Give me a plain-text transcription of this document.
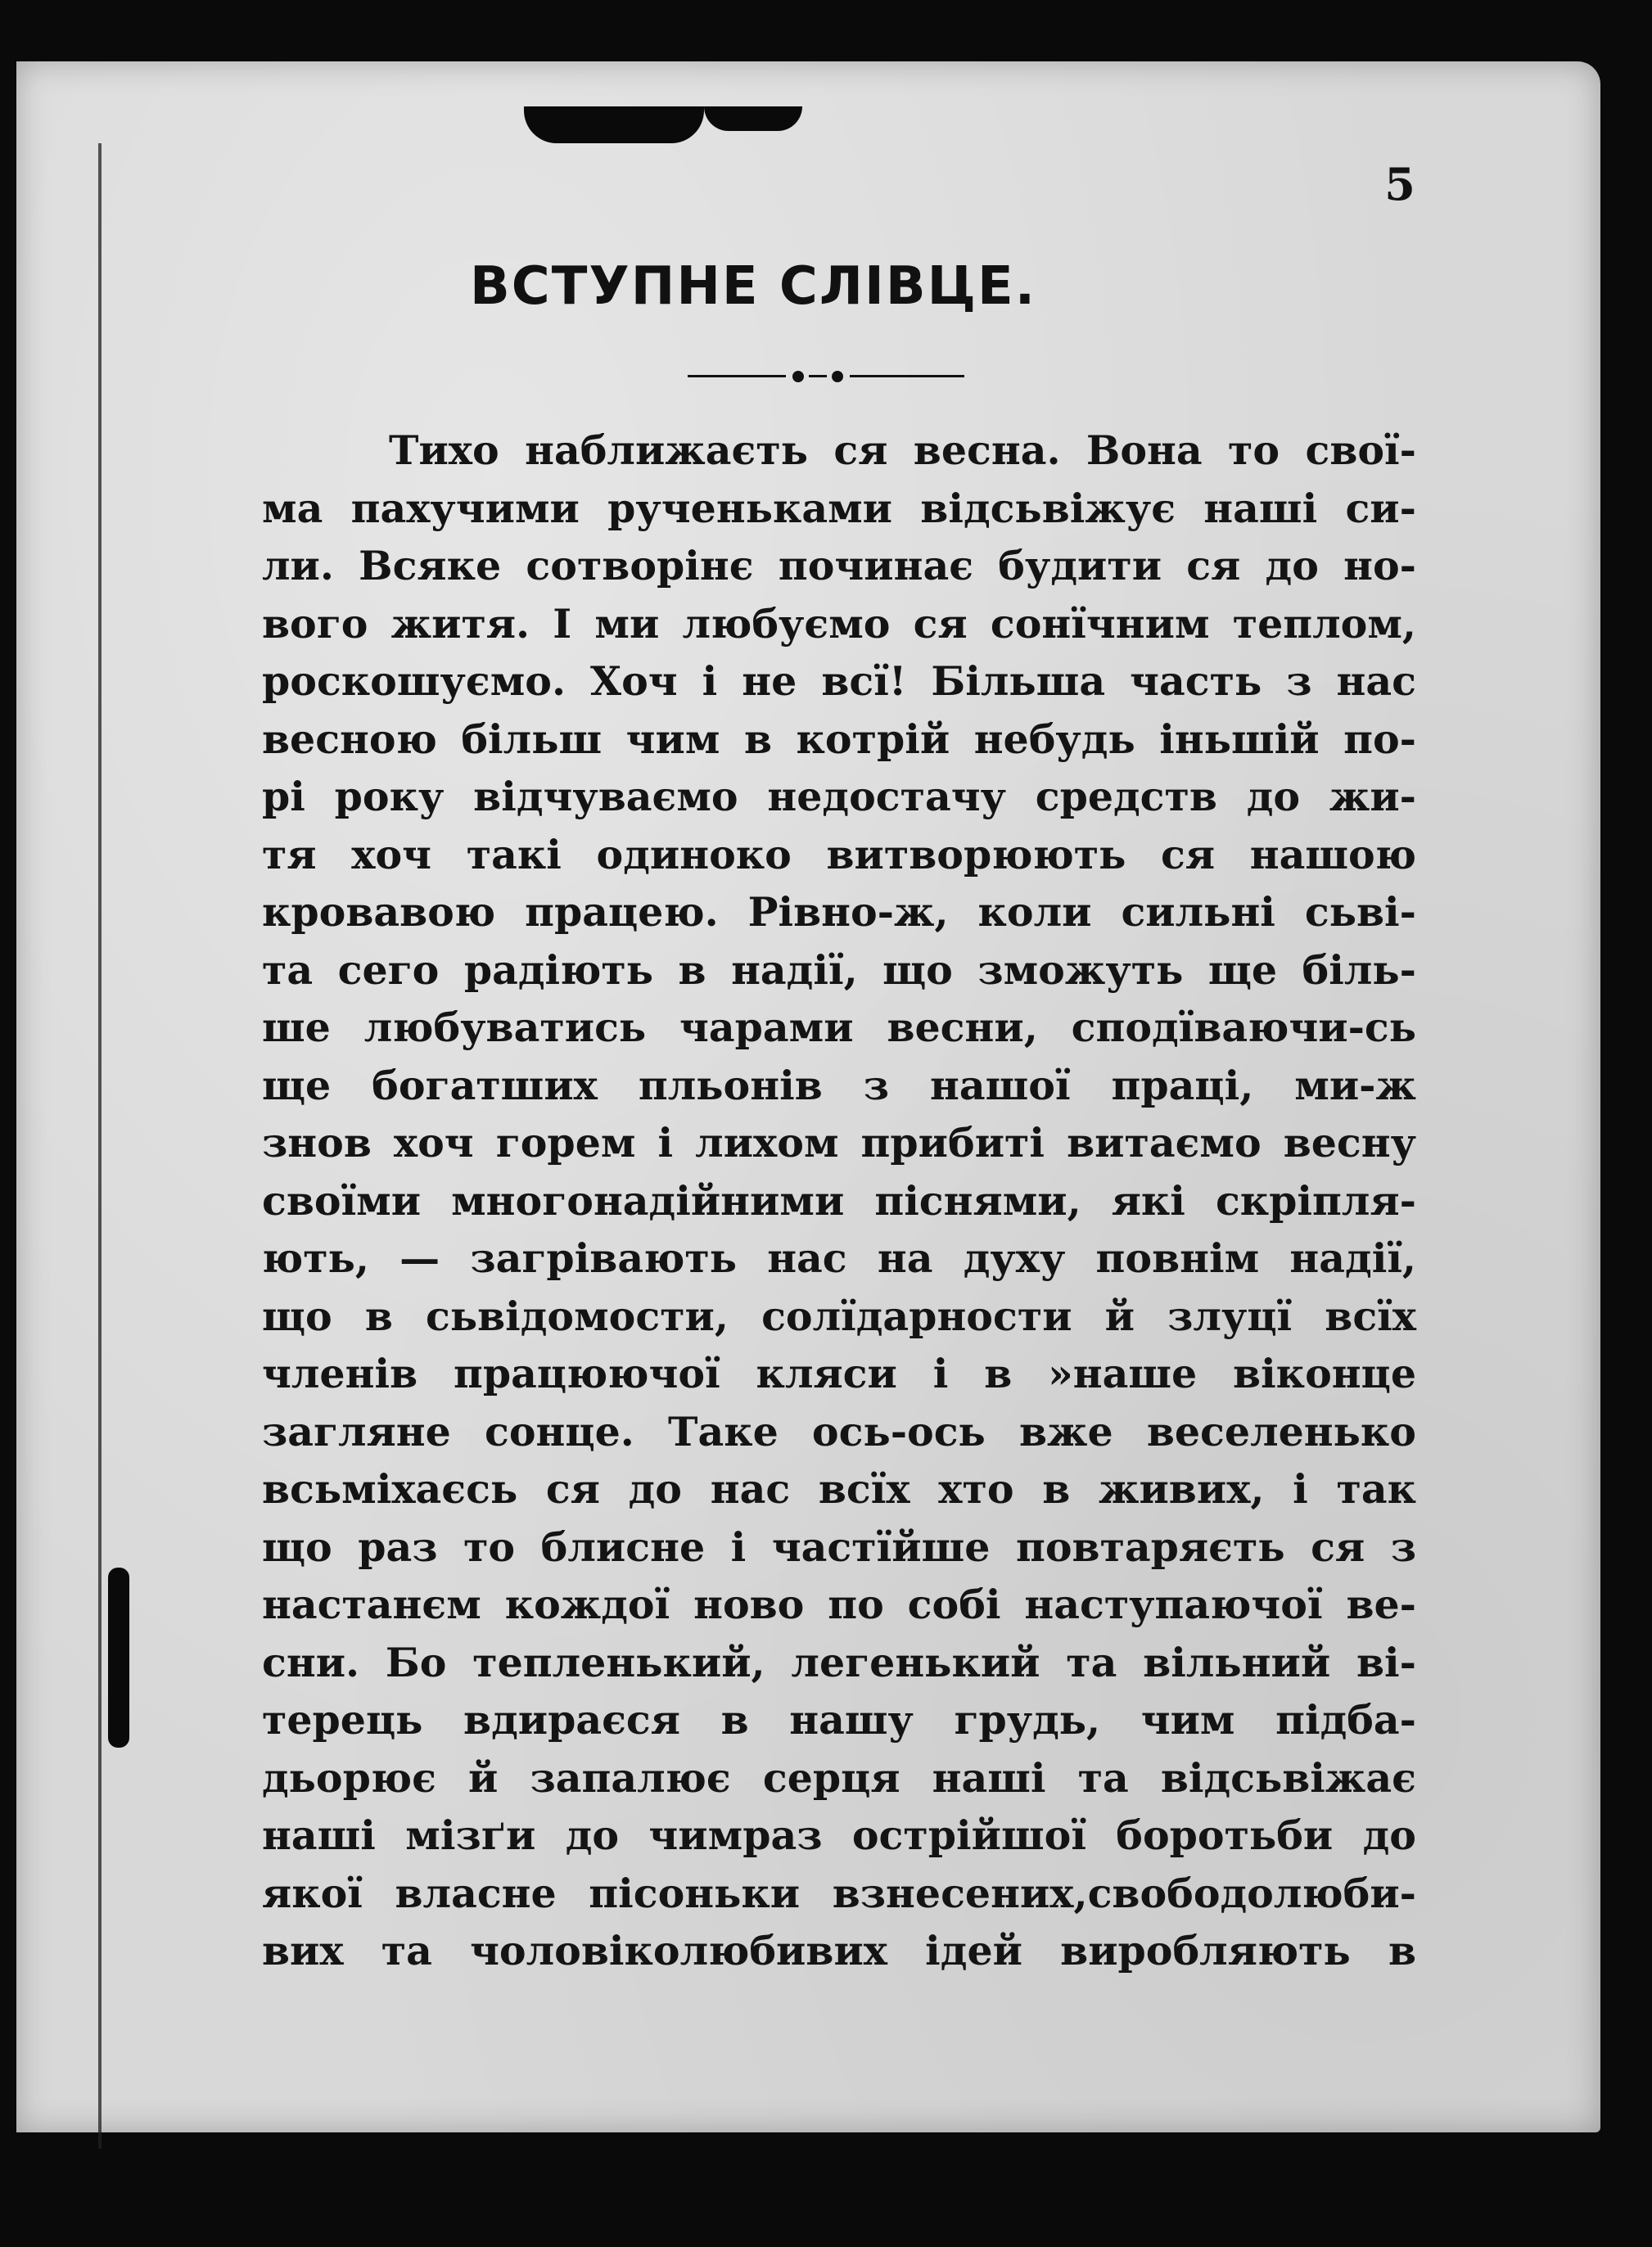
5
ВСТУПНЕ СЛІВЦЕ.
Тихо наближаєть ся весна. Вона то свої-
ма пахучими рученьками відсьвіжує наші си-
ли. Всяке сотворінє починає будити ся до но-
вого житя. І ми любуємо ся сонїчним теплом,
роскошуємо. Хоч і не всї! Більша часть з нас
весною більш чим в котрій небудь іньшій по-
рі року відчуваємо недостачу средств до жи-
тя хоч такі одиноко витворюють ся нашою
кровавою працею. Рівно-ж, коли сильні сьві-
та сего радіють в надії, що зможуть ще біль-
ше любуватись чарами весни, сподїваючи-сь
ще богатших пльонів з нашої праці, ми-ж
знов хоч горем і лихом прибиті витаємо весну
своїми многонадійними піснями, які скріпля-
ють, — загрівають нас на духу повнім надії,
що в сьвідомости, солїдарности й злуцї всїх
членів працюючої кляси і в »наше віконце
загляне сонце. Таке ось-ось вже веселенько
всьміхаєсь ся до нас всїх хто в живих, і так
що раз то блисне і частїйше повтаряєть ся з
настанєм кождої ново по собі наступаючої ве-
сни. Бо тепленький, легенький та вільний ві-
терець вдираєся в нашу грудь, чим підба-
дьорює й запалює серця наші та відсьвіжає
наші мізґи до чимраз острійшої боротьби до
якої власне пісоньки взнесених,свободолюби-
вих та чоловіколюбивих ідей виробляють в
